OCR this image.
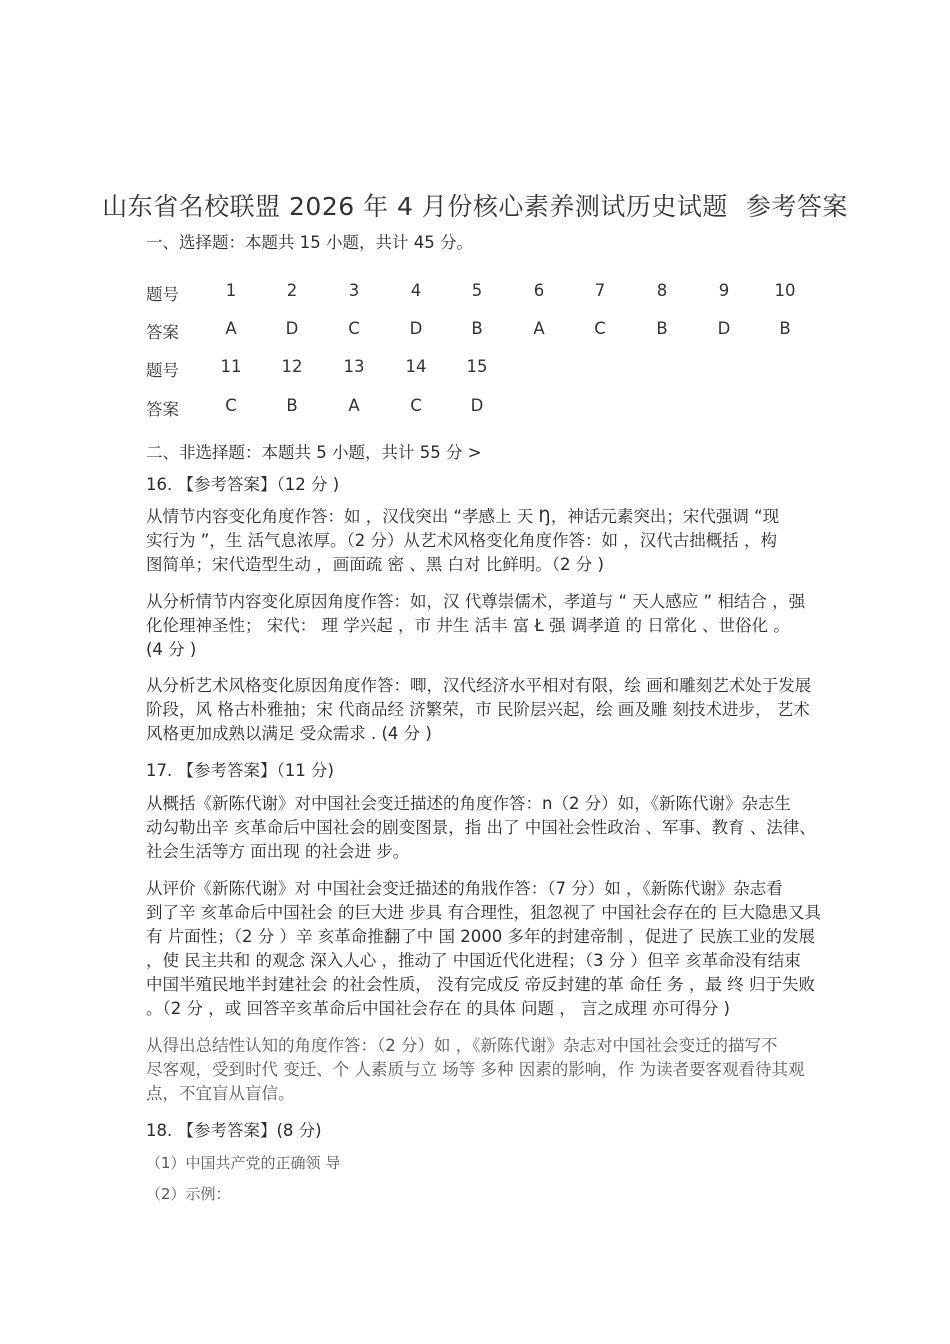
山东省名校联盟 2026 年 4 月份核心素养测试历史试题 参考答案
一、选择题：本题共 15 小题，共计 45 分。
题号	1	2	3	4	5	6	7	8	9	10
答案	A	D	C	D	B	A	C	B	D	B
题号	11	12	13	14	15
答案	C	B	A	C	D
二、非选择题：本题共 5 小题，共计 55 分 >
16. 【参考答案】（12 分 )
从情节内容变化角度作答：如 ，汉伐突出 “孝感上 天 Ŋ，神话元素突出；宋代强调 “现
实行为 ”，生 活气息浓厚。（2 分）从艺术风格变化角度作答：如 ，汉代古拙概括 ，构
图简单；宋代造型生动 ，画面疏 密 、黑 白对 比鲜明。（2 分 )
从分析情节内容变化原因角度作答：如，汉 代尊崇儒术，孝道与 “ 天人感应 ” 相结合 ，强
化伦理神圣性； 宋代： 理 学兴起 ，市 井生 活丰 富 Ł 强 调孝道 的 日常化 、世俗化 。
(4 分 )
从分析艺术风格变化原因角度作答：唧，汉代经济水平相对有限，绘 画和雕刻艺术处于发展
阶段，风 格古朴雅抽；宋 代商品经 济繁荣，市 民阶层兴起，绘 画及雕 刻技术进步， 艺术
风格更加成熟以满足 受众需求 . (4 分 )
17. 【参考答案】（11 分)
从概括《新陈代谢》对中国社会变迁描述的角度作答：n（2 分）如，《新陈代谢》杂志生
动勾勒出辛 亥革命后中国社会的剧变图景，指 出了 中国社会性政治 、军事、教育 、法律、
社会生活等方 面出现 的社会进 步。
从评价《新陈代谢》对 中国社会变迁描述的角戕作答：（7 分）如 ，《新陈代谢》杂志看
到了辛 亥革命后中国社会 的巨大进 步具 有合理性，狙忽视了 中国社会存在的 巨大隐患又具
有 片面性；（2 分 ）辛 亥革命推翻了中 国 2000 多年的封建帝制 ，促进了 民族工业的发展
，使 民主共和 的观念 深入人心 ，推动了 中国近代化进程；（3 分 ）但辛 亥革命没有结束
中国半殖民地半封建社会 的社会性质， 没有完成反 帝反封建的革 命任 务 ，最 终 归于失败
。（2 分 ，或 回答辛亥革命后中国社会存在 的具体 问题 ， 言之成理 亦可得分 )
从得出总结性认知的角度作答：（2 分）如 ，《新陈代谢》杂志对中国社会变迁的描写不
尽客观，受到时代 变迁、个 人素质与立 场等 多种 因素的影响，作 为读者要客观看待其观
点，不宜盲从盲信。
18. 【参考答案】(8 分)
（1）中国共产党的正确领 导
（2）示例：
